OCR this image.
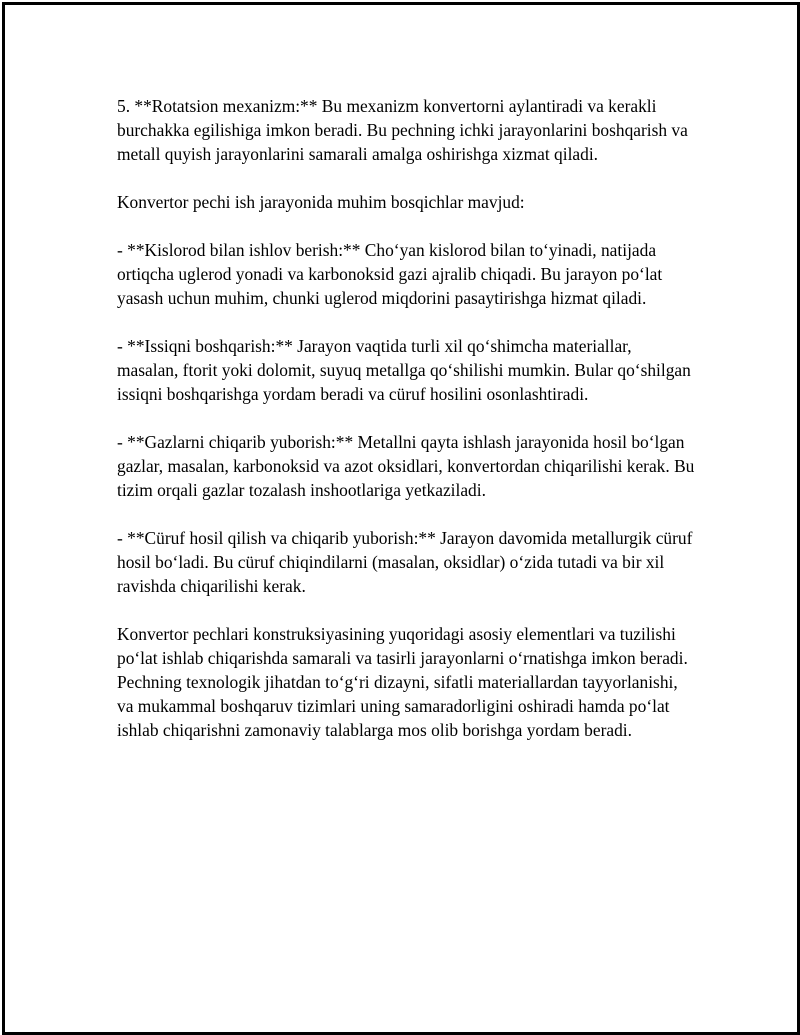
5. **Rotatsion mexanizm:** Bu mexanizm konvertorni aylantiradi va kerakli burchakka egilishiga imkon beradi. Bu pechning ichki jarayonlarini boshqarish va metall quyish jarayonlarini samarali amalga oshirishga xizmat qiladi.

Konvertor pechi ish jarayonida muhim bosqichlar mavjud:

- **Kislorod bilan ishlov berish:** Cho‘yan kislorod bilan to‘yinadi, natijada ortiqcha uglerod yonadi va karbonoksid gazi ajralib chiqadi. Bu jarayon po‘lat yasash uchun muhim, chunki uglerod miqdorini pasaytirishga hizmat qiladi.

- **Issiqni boshqarish:** Jarayon vaqtida turli xil qo‘shimcha materiallar, masalan, ftorit yoki dolomit, suyuq metallga qo‘shilishi mumkin. Bular qo‘shilgan issiqni boshqarishga yordam beradi va cüruf hosilini osonlashtiradi.

- **Gazlarni chiqarib yuborish:** Metallni qayta ishlash jarayonida hosil bo‘lgan gazlar, masalan, karbonoksid va azot oksidlari, konvertordan chiqarilishi kerak. Bu tizim orqali gazlar tozalash inshootlariga yetkaziladi.

- **Cüruf hosil qilish va chiqarib yuborish:** Jarayon davomida metallurgik cüruf hosil bo‘ladi. Bu cüruf chiqindilarni (masalan, oksidlar) o‘zida tutadi va bir xil ravishda chiqarilishi kerak.

Konvertor pechlari konstruksiyasining yuqoridagi asosiy elementlari va tuzilishi po‘lat ishlab chiqarishda samarali va tasirli jarayonlarni o‘rnatishga imkon beradi. Pechning texnologik jihatdan to‘g‘ri dizayni, sifatli materiallardan tayyorlanishi, va mukammal boshqaruv tizimlari uning samaradorligini oshiradi hamda po‘lat ishlab chiqarishni zamonaviy talablarga mos olib borishga yordam beradi.
